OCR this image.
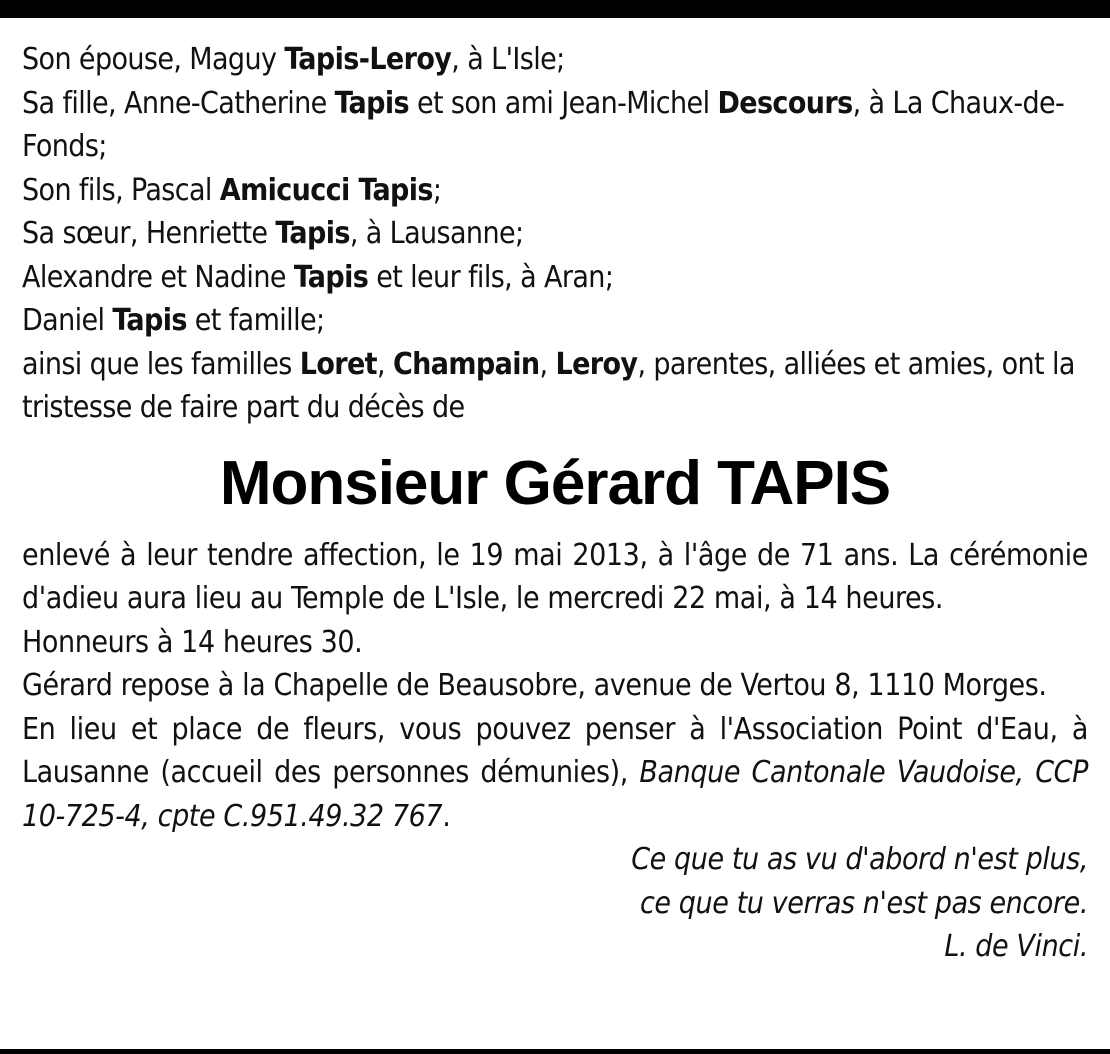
Son épouse, Maguy Tapis-Leroy, à L'Isle;

Sa fille, Anne-Catherine Tapis et son ami Jean-Michel Descours, à La Chaux-de-Fonds;

Son fils, Pascal Amicucci Tapis;

Sa sœur, Henriette Tapis, à Lausanne;

Alexandre et Nadine Tapis et leur fils, à Aran;

Daniel Tapis et famille;

ainsi que les familles Loret, Champain, Leroy, parentes, alliées et amies, ont la tristesse de faire part du décès de

Monsieur Gérard TAPIS

enlevé à leur tendre affection, le 19 mai 2013, à l'âge de 71 ans. La cérémonie d'adieu aura lieu au Temple de L'Isle, le mercredi 22 mai, à 14 heures.

Honneurs à 14 heures 30.

Gérard repose à la Chapelle de Beausobre, avenue de Vertou 8, 1110 Morges.

En lieu et place de fleurs, vous pouvez penser à l'Association Point d'Eau, à Lausanne (accueil des personnes démunies), Banque Cantonale Vaudoise, CCP 10-725-4, cpte C.951.49.32 767.

Ce que tu as vu d'abord n'est plus,

ce que tu verras n'est pas encore.

L. de Vinci.
